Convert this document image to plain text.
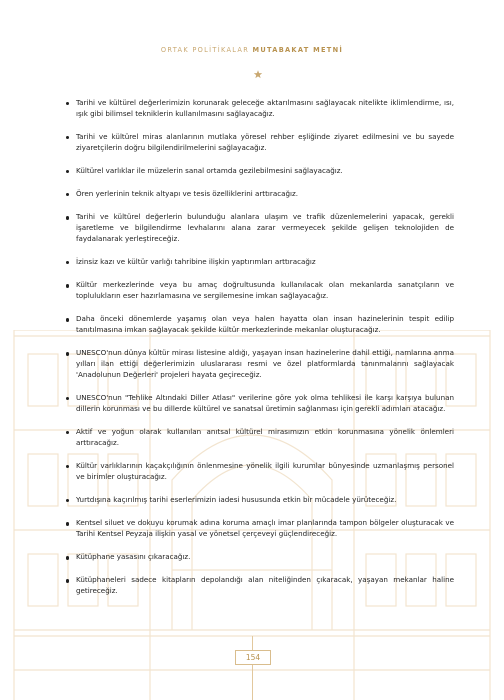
ORTAK POLİTİKALAR MUTABAKAT METNİ
Tarihi ve kültürel değerlerimizin korunarak geleceğe aktarılmasını sağlayacak nitelikte iklimlendirme, ısı, ışık gibi bilimsel tekniklerin kullanılmasını sağlayacağız.
Tarihi ve kültürel miras alanlarının mutlaka yöresel rehber eşliğinde ziyaret edilmesini ve bu sayede ziyaretçilerin doğru bilgilendirilmelerini sağlayacağız.
Kültürel varlıklar ile müzelerin sanal ortamda gezilebilmesini sağlayacağız.
Ören yerlerinin teknik altyapı ve tesis özelliklerini arttıracağız.
Tarihi ve kültürel değerlerin bulunduğu alanlara ulaşım ve trafik düzenlemelerini yapacak, gerekli işaretleme ve bilgilendirme levhalarını alana zarar vermeyecek şekilde gelişen teknolojiden de faydalanarak yerleştireceğiz.
İzinsiz kazı ve kültür varlığı tahribine ilişkin yaptırımları arttıracağız
Kültür merkezlerinde veya bu amaç doğrultusunda kullanılacak olan mekanlarda sanatçıların ve toplulukların eser hazırlamasına ve sergilemesine imkan sağlayacağız.
Daha önceki dönemlerde yaşamış olan veya halen hayatta olan insan hazinelerinin tespit edilip tanıtılmasına imkan sağlayacak şekilde kültür merkezlerinde mekanlar oluşturacağız.
UNESCO'nun dünya kültür mirası listesine aldığı, yaşayan insan hazinelerine dahil ettiği, namlarına anma yılları ilan ettiği değerlerimizin uluslararası resmi ve özel platformlarda tanınmalarını sağlayacak 'Anadolunun Değerleri' projeleri hayata geçireceğiz.
UNESCO'nun "Tehlike Altındaki Diller Atlası" verilerine göre yok olma tehlikesi ile karşı karşıya bulunan dillerin korunması ve bu dillerde kültürel ve sanatsal üretimin sağlanması için gerekli adımları atacağız.
Aktif ve yoğun olarak kullanılan anıtsal kültürel mirasımızın etkin korunmasına yönelik önlemleri arttıracağız.
Kültür varlıklarının kaçakçılığının önlenmesine yönelik ilgili kurumlar bünyesinde uzmanlaşmış personel ve birimler oluşturacağız.
Yurtdışına kaçırılmış tarihi eserlerimizin iadesi hususunda etkin bir mücadele yürüteceğiz.
Kentsel siluet ve dokuyu korumak adına koruma amaçlı imar planlarında tampon bölgeler oluşturacak ve Tarihi Kentsel Peyzaja ilişkin yasal ve yönetsel çerçeveyi güçlendireceğiz.
Kütüphane yasasını çıkaracağız.
Kütüphaneleri sadece kitapların depolandığı alan niteliğinden çıkaracak, yaşayan mekanlar haline getireceğiz.
154
